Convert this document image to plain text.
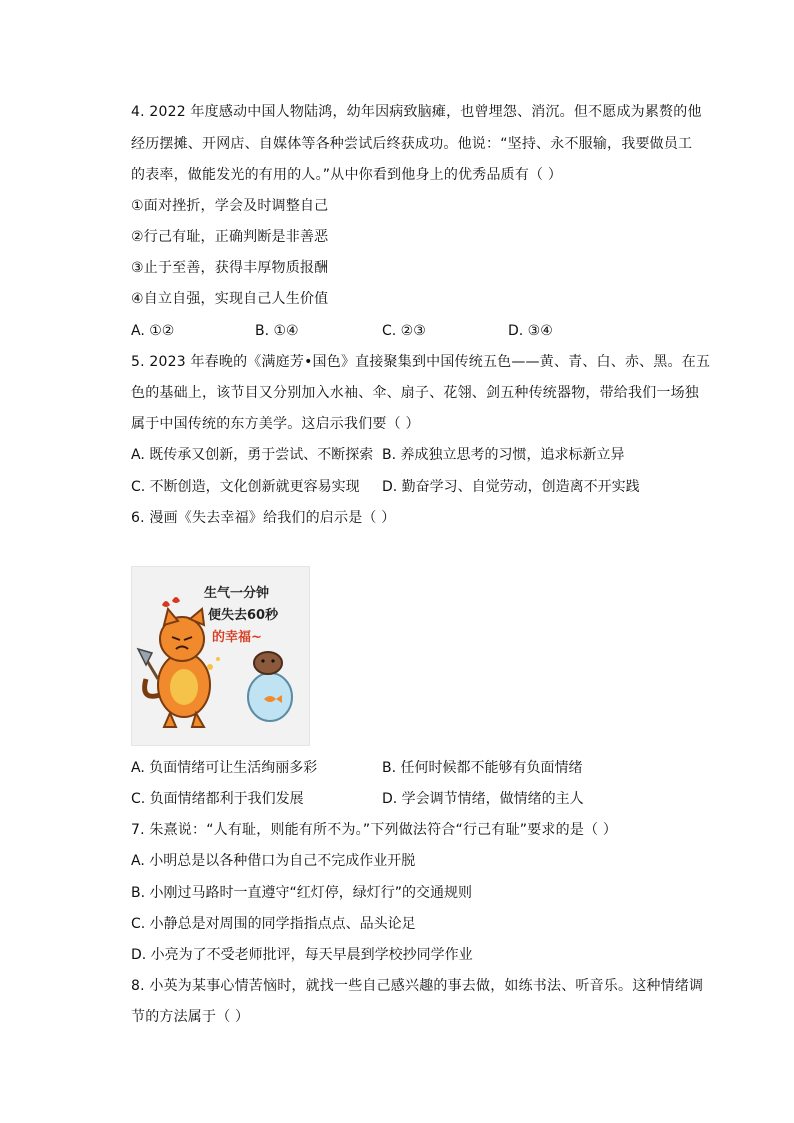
4. 2022 年度感动中国人物陆鸿，幼年因病致脑瘫，也曾埋怨、消沉。但不愿成为累赘的他
经历摆摊、开网店、自媒体等各种尝试后终获成功。他说：“坚持、永不服输，我要做员工
的表率，做能发光的有用的人。”从中你看到他身上的优秀品质有（ ）
①面对挫折，学会及时调整自己
②行己有耻，正确判断是非善恶
③止于至善，获得丰厚物质报酬
④自立自强，实现自己人生价值
A. ①②	B. ①④	C. ②③	D. ③④
5. 2023 年春晚的《满庭芳•国色》直接聚集到中国传统五色——黄、青、白、赤、黑。在五
色的基础上，该节目又分别加入水袖、伞、扇子、花翎、剑五种传统器物，带给我们一场独
属于中国传统的东方美学。这启示我们要（ ）
A. 既传承又创新，勇于尝试、不断探索 B. 养成独立思考的习惯，追求标新立异
C. 不断创造，文化创新就更容易实现 D. 勤奋学习、自觉劳动，创造离不开实践
6. 漫画《失去幸福》给我们的启示是（ ）
生气一分钟
便失去60秒
的幸福~
A. 负面情绪可让生活绚丽多彩	B. 任何时候都不能够有负面情绪
C. 负面情绪都利于我们发展	D. 学会调节情绪，做情绪的主人
7. 朱熹说：“人有耻，则能有所不为。”下列做法符合“行己有耻”要求的是（ ）
A. 小明总是以各种借口为自己不完成作业开脱
B. 小刚过马路时一直遵守“红灯停，绿灯行”的交通规则
C. 小静总是对周围的同学指指点点、品头论足
D. 小亮为了不受老师批评，每天早晨到学校抄同学作业
8. 小英为某事心情苦恼时，就找一些自己感兴趣的事去做，如练书法、听音乐。这种情绪调
节的方法属于（ ）
